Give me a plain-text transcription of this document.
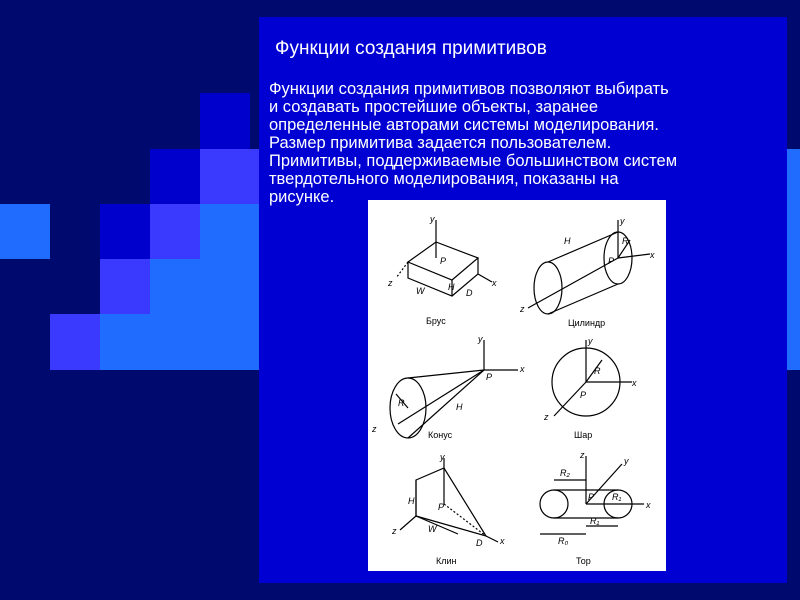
Функции создания примитивов
Функции создания примитивов позволяют выбирать
и создавать простейшие объекты, заранее
определенные авторами системы моделирования.
Размер примитива задается пользователем.
Примитивы, поддерживаемые большинством систем
твердотельного моделирования, показаны на
рисунке.
y
x
z
P
W	H
D
Брус
y
x
z
P
H	R
Цилиндр
y
x
z
P
R	H
Конус
y
x
z
P
R
Шар
y
x
z
P
H
W
D
Клин
z
y
x
P
R₂
R₁
R₁
R₀
Тор
